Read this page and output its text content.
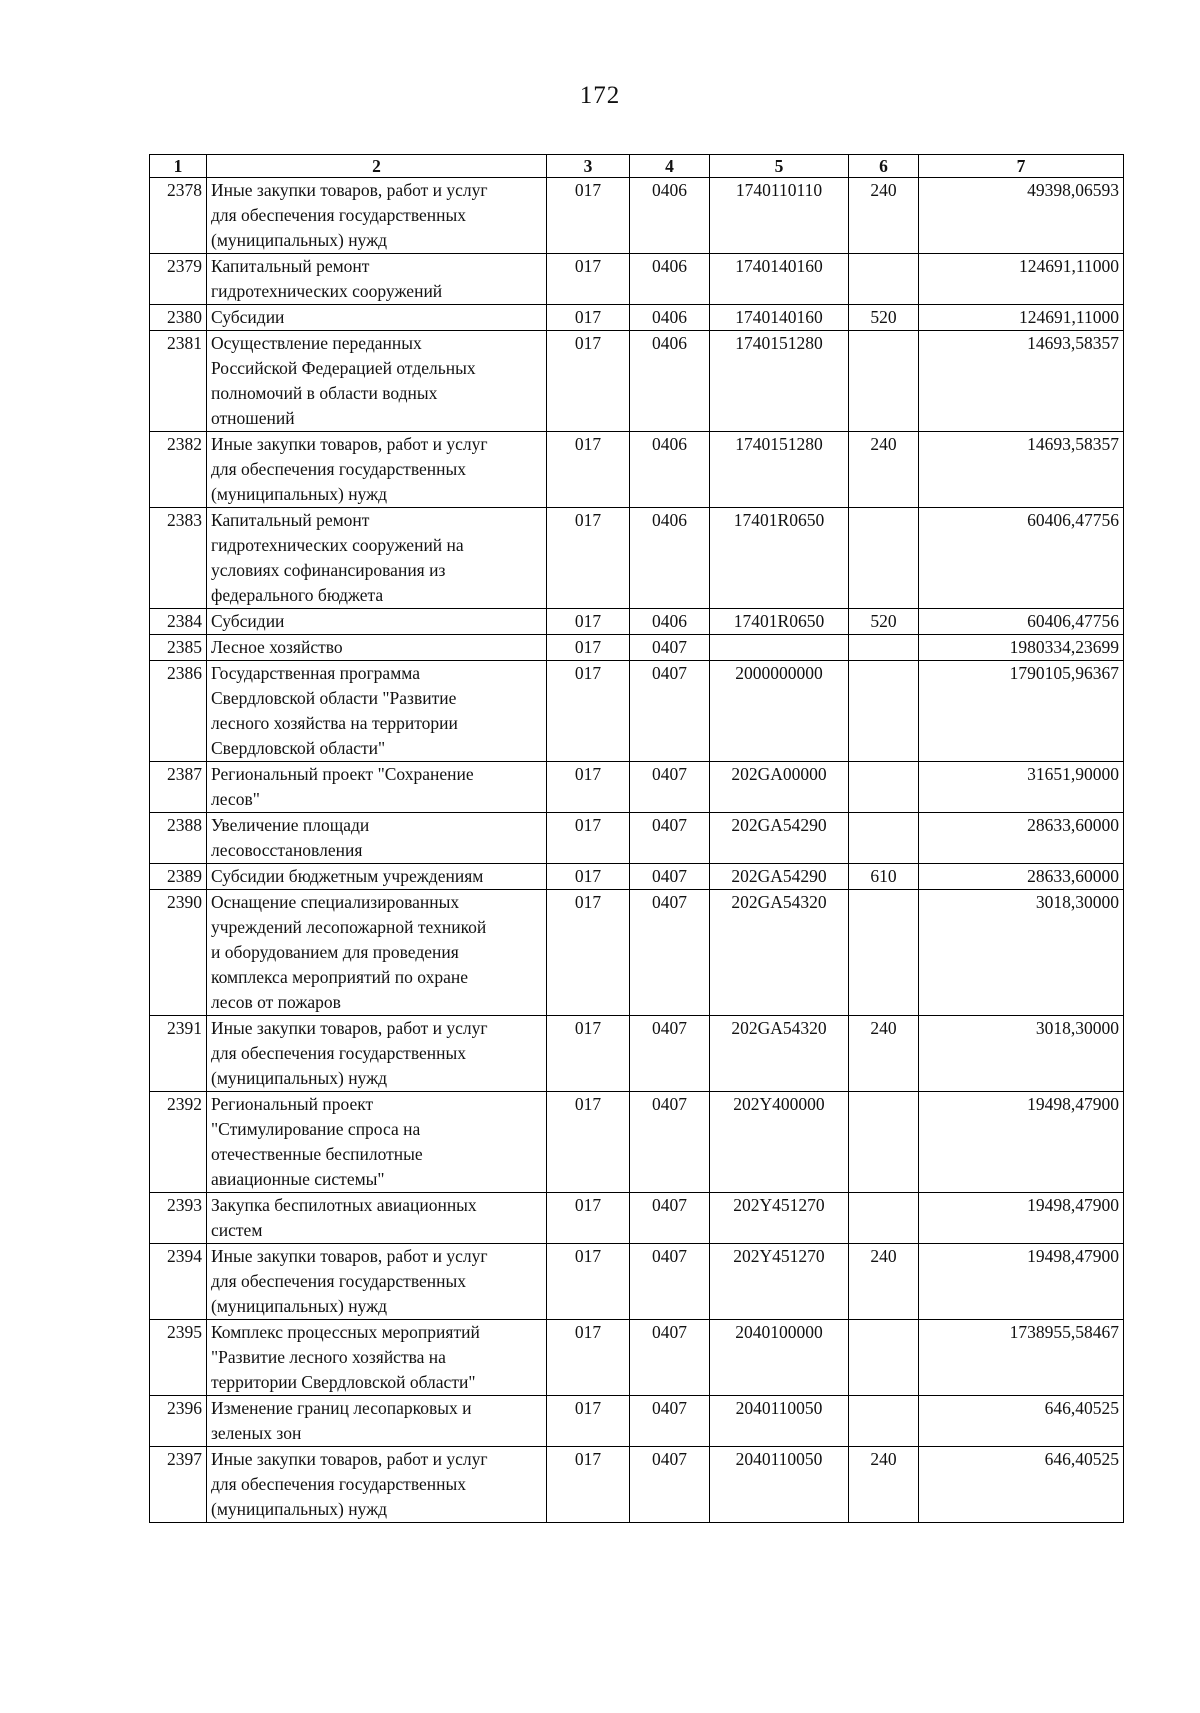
172
1	2	3	4	5	6	7
2378	Иные закупки товаров, работ и услуг
для обеспечения государственных
(муниципальных) нужд	017	0406	1740110110	240	49398,06593
2379	Капитальный ремонт
гидротехнических сооружений	017	0406	1740140160		124691,11000
2380	Субсидии	017	0406	1740140160	520	124691,11000
2381	Осуществление переданных
Российской Федерацией отдельных
полномочий в области водных
отношений	017	0406	1740151280		14693,58357
2382	Иные закупки товаров, работ и услуг
для обеспечения государственных
(муниципальных) нужд	017	0406	1740151280	240	14693,58357
2383	Капитальный ремонт
гидротехнических сооружений на
условиях софинансирования из
федерального бюджета	017	0406	17401R0650		60406,47756
2384	Субсидии	017	0406	17401R0650	520	60406,47756
2385	Лесное хозяйство	017	0407			1980334,23699
2386	Государственная программа
Свердловской области "Развитие
лесного хозяйства на территории
Свердловской области"	017	0407	2000000000		1790105,96367
2387	Региональный проект "Сохранение
лесов"	017	0407	202GA00000		31651,90000
2388	Увеличение площади
лесовосстановления	017	0407	202GA54290		28633,60000
2389	Субсидии бюджетным учреждениям	017	0407	202GA54290	610	28633,60000
2390	Оснащение специализированных
учреждений лесопожарной техникой
и оборудованием для проведения
комплекса мероприятий по охране
лесов от пожаров	017	0407	202GA54320		3018,30000
2391	Иные закупки товаров, работ и услуг
для обеспечения государственных
(муниципальных) нужд	017	0407	202GA54320	240	3018,30000
2392	Региональный проект
"Стимулирование спроса на
отечественные беспилотные
авиационные системы"	017	0407	202Y400000		19498,47900
2393	Закупка беспилотных авиационных
систем	017	0407	202Y451270		19498,47900
2394	Иные закупки товаров, работ и услуг
для обеспечения государственных
(муниципальных) нужд	017	0407	202Y451270	240	19498,47900
2395	Комплекс процессных мероприятий
"Развитие лесного хозяйства на
территории Свердловской области"	017	0407	2040100000		1738955,58467
2396	Изменение границ лесопарковых и
зеленых зон	017	0407	2040110050		646,40525
2397	Иные закупки товаров, работ и услуг
для обеспечения государственных
(муниципальных) нужд	017	0407	2040110050	240	646,40525
